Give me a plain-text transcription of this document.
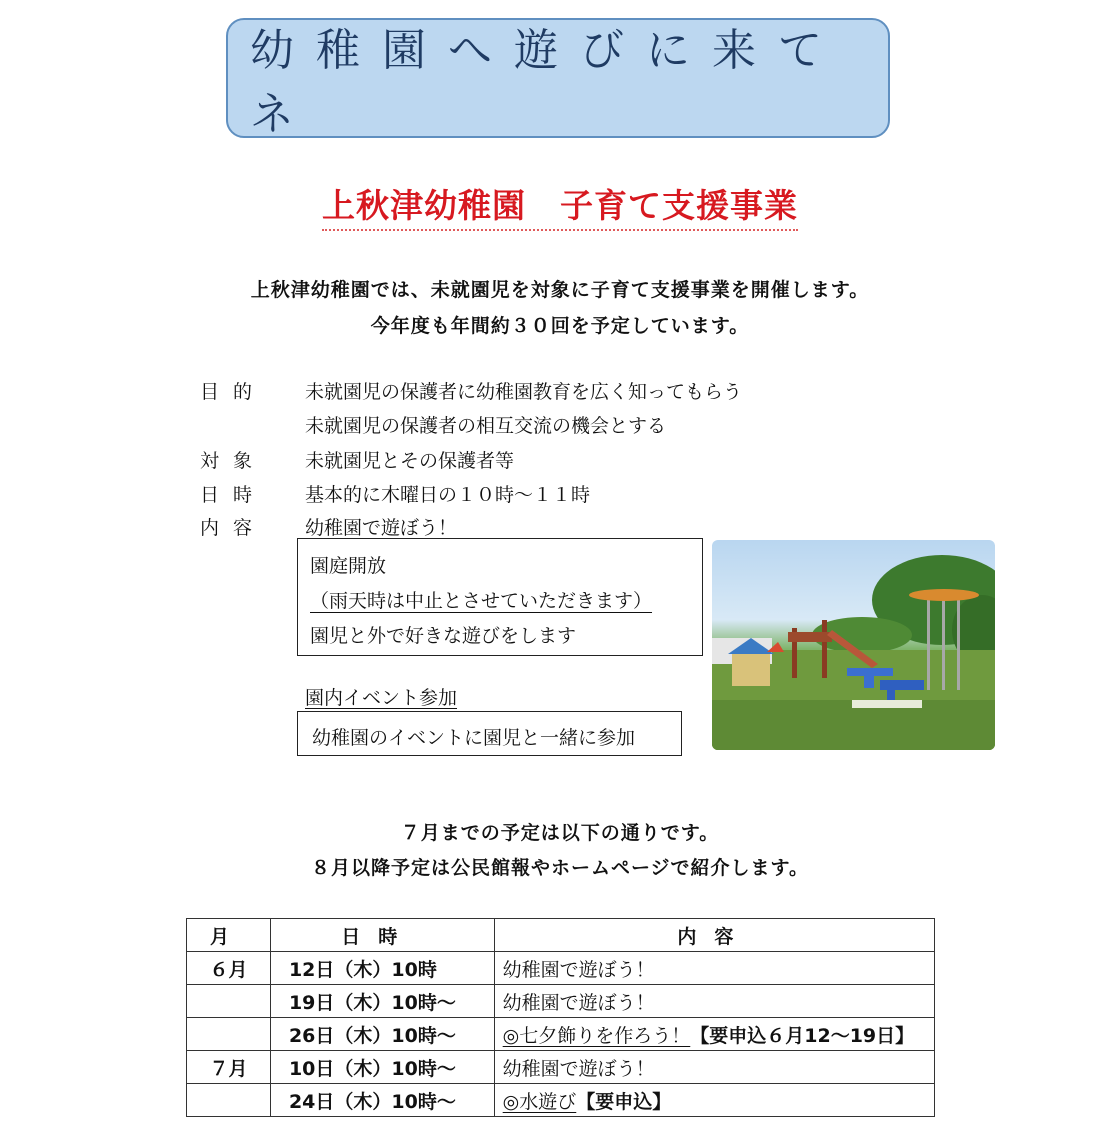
幼稚園へ遊びに来てネ
上秋津幼稚園　子育て支援事業
上秋津幼稚園では、未就園児を対象に子育て支援事業を開催します。
今年度も年間約３０回を予定しています。
目的 未就園児の保護者に幼稚園教育を広く知ってもらう
未就園児の保護者の相互交流の機会とする
対象 未就園児とその保護者等
日時 基本的に木曜日の１０時～１１時
内容 幼稚園で遊ぼう！
園庭開放
（雨天時は中止とさせていただきます）
園児と外で好きな遊びをします
園内イベント参加
幼稚園のイベントに園児と一緒に参加
７月までの予定は以下の通りです。
８月以降予定は公民館報やホームページで紹介します。
月	日時	内容
６月	12日（木）10時	幼稚園で遊ぼう！
	19日（木）10時～	幼稚園で遊ぼう！
	26日（木）10時～	◎七夕飾りを作ろう！【要申込６月12～19日】
７月	10日（木）10時～	幼稚園で遊ぼう！
	24日（木）10時～	◎水遊び【要申込】
